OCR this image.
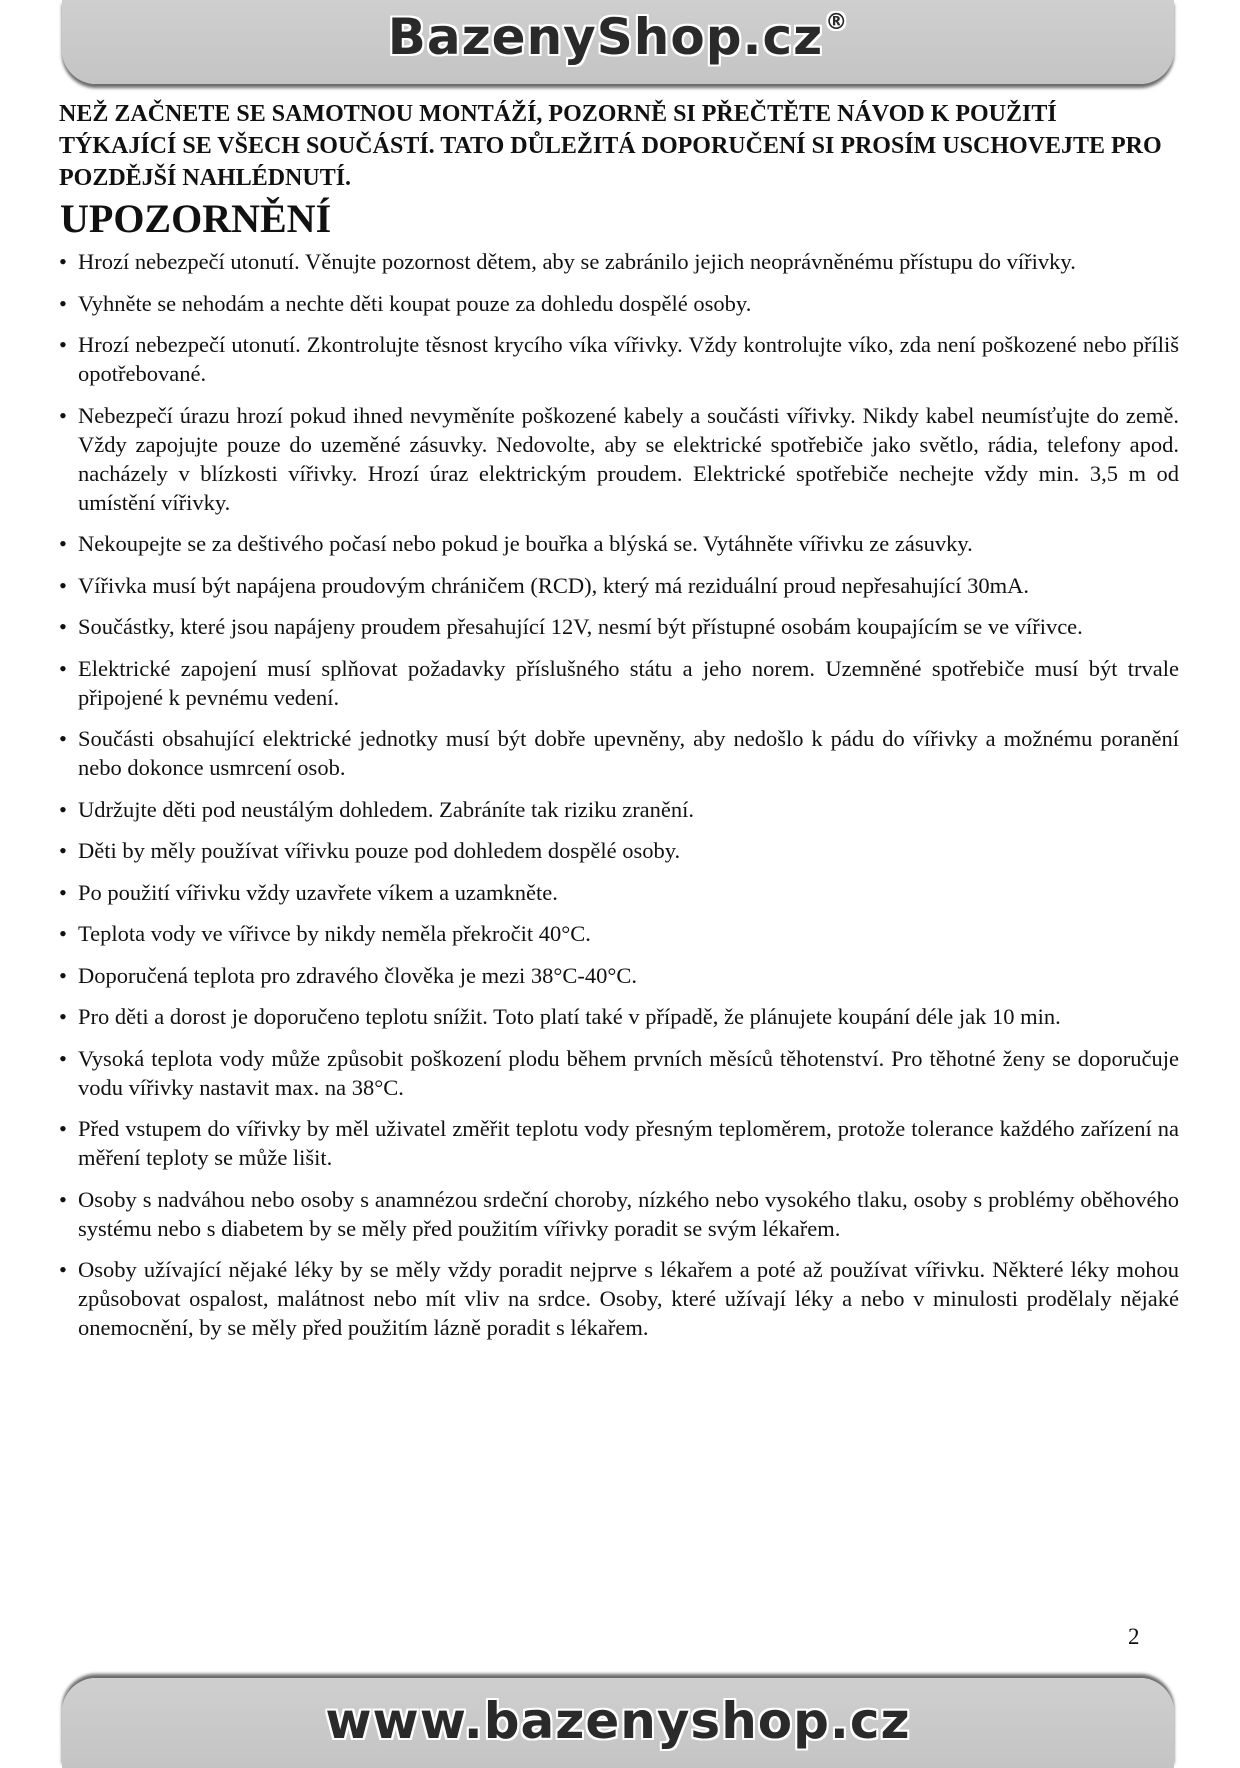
BazenyShop.cz®
NEŽ ZAČNETE SE SAMOTNOU MONTÁŽÍ, POZORNĚ SI PŘEČTĚTE NÁVOD K POUŽITÍ TÝKAJÍCÍ SE VŠECH SOUČÁSTÍ. TATO DŮLEŽITÁ DOPORUČENÍ SI PROSÍM USCHOVEJTE PRO POZDĚJŠÍ NAHLÉDNUTÍ.
UPOZORNĚNÍ
• Hrozí nebezpečí utonutí. Věnujte pozornost dětem, aby se zabránilo jejich neoprávněnému přístupu do vířivky.
• Vyhněte se nehodám a nechte děti koupat pouze za dohledu dospělé osoby.
• Hrozí nebezpečí utonutí. Zkontrolujte těsnost krycího víka vířivky. Vždy kontrolujte víko, zda není poškozené nebo příliš opotřebované.
• Nebezpečí úrazu hrozí pokud ihned nevyměníte poškozené kabely a součásti vířivky. Nikdy kabel neumísťujte do země. Vždy zapojujte pouze do uzeměné zásuvky. Nedovolte, aby se elektrické spotřebiče jako světlo, rádia, telefony apod. nacházely v blízkosti vířivky. Hrozí úraz elektrickým proudem. Elektrické spotřebiče nechejte vždy min. 3,5 m od umístění vířivky.
• Nekoupejte se za deštivého počasí nebo pokud je bouřka a blýská se. Vytáhněte vířivku ze zásuvky.
• Vířivka musí být napájena proudovým chráničem (RCD), který má reziduální proud nepřesahující 30mA.
• Součástky, které jsou napájeny proudem přesahující 12V, nesmí být přístupné osobám koupajícím se ve vířivce.
• Elektrické zapojení musí splňovat požadavky příslušného státu a jeho norem. Uzemněné spotřebiče musí být trvale připojené k pevnému vedení.
• Součásti obsahující elektrické jednotky musí být dobře upevněny, aby nedošlo k pádu do vířivky a možnému poranění nebo dokonce usmrcení osob.
• Udržujte děti pod neustálým dohledem. Zabráníte tak riziku zranění.
• Děti by měly používat vířivku pouze pod dohledem dospělé osoby.
• Po použití vířivku vždy uzavřete víkem a uzamkněte.
• Teplota vody ve vířivce by nikdy neměla překročit 40°C.
• Doporučená teplota pro zdravého člověka je mezi 38°C-40°C.
• Pro děti a dorost je doporučeno teplotu snížit. Toto platí také v případě, že plánujete koupání déle jak 10 min.
• Vysoká teplota vody může způsobit poškození plodu během prvních měsíců těhotenství. Pro těhotné ženy se doporučuje vodu vířivky nastavit max. na 38°C.
• Před vstupem do vířivky by měl uživatel změřit teplotu vody přesným teploměrem, protože tolerance každého zařízení na měření teploty se může lišit.
• Osoby s nadváhou nebo osoby s anamnézou srdeční choroby, nízkého nebo vysokého tlaku, osoby s problémy oběhového systému nebo s diabetem by se měly před použitím vířivky poradit se svým lékařem.
• Osoby užívající nějaké léky by se měly vždy poradit nejprve s lékařem a poté až používat vířivku. Některé léky mohou způsobovat ospalost, malátnost nebo mít vliv na srdce. Osoby, které užívají léky a nebo v minulosti prodělaly nějaké onemocnění, by se měly před použitím lázně poradit s lékařem.
2
www.bazenyshop.cz
